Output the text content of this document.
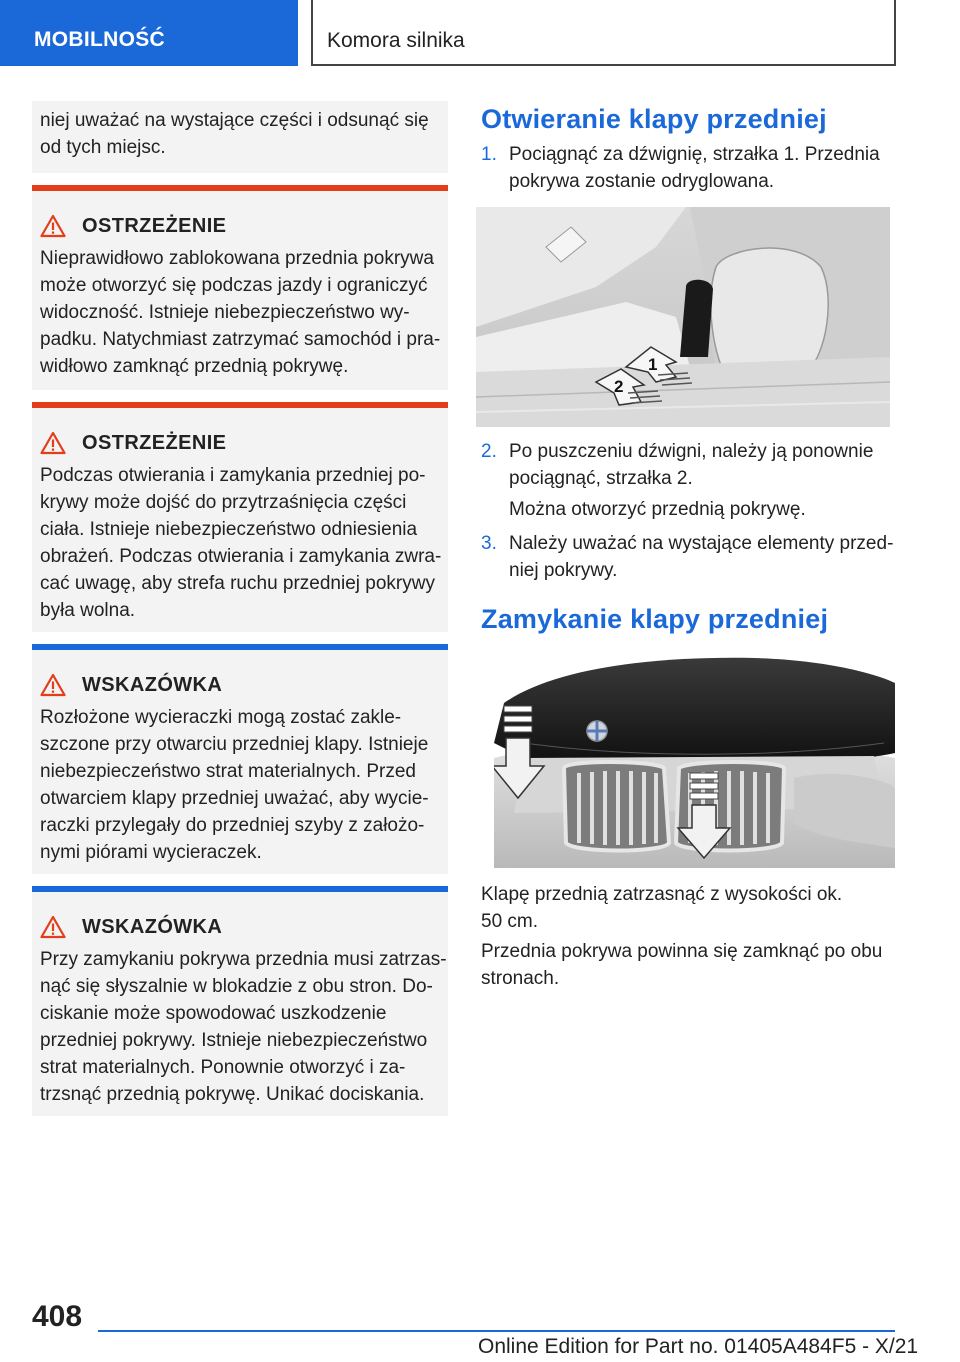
MOBILNOŚĆ	Komora silnika

niej uważać na wystające części i odsunąć się

od tych miejsc.

OSTRZEŻENIE
Nieprawidłowo zablokowana przednia pokrywa
może otworzyć się podczas jazdy i ograniczyć
widoczność. Istnieje niebezpieczeństwo wy-
padku. Natychmiast zatrzymać samochód i pra-
widłowo zamknąć przednią pokrywę.
OSTRZEŻENIE
Podczas otwierania i zamykania przedniej po-
krywy może dojść do przytrzaśnięcia części
ciała. Istnieje niebezpieczeństwo odniesienia
obrażeń. Podczas otwierania i zamykania zwra-
cać uwagę, aby strefa ruchu przedniej pokrywy
była wolna.
WSKAZÓWKA
Rozłożone wycieraczki mogą zostać zakle-
szczone przy otwarciu przedniej klapy. Istnieje
niebezpieczeństwo strat materialnych. Przed
otwarciem klapy przedniej uważać, aby wycie-
raczki przylegały do przedniej szyby z założo-
nymi piórami wycieraczek.
WSKAZÓWKA
Przy zamykaniu pokrywa przednia musi zatrzas-
nąć się słyszalnie w blokadzie z obu stron. Do-
ciskanie może spowodować uszkodzenie
przedniej pokrywy. Istnieje niebezpieczeństwo
strat materialnych. Ponownie otworzyć i za-
trzsnąć przednią pokrywę. Unikać dociskania.
Otwieranie klapy przedniej
1. Pociągnąć za dźwignię, strzałka 1. Przednia
pokrywa zostanie odryglowana.
1
2
2. Po puszczeniu dźwigni, należy ją ponownie
pociągnąć, strzałka 2.
Można otworzyć przednią pokrywę.
3. Należy uważać na wystające elementy przed-
niej pokrywy.
Zamykanie klapy przedniej
Klapę przednią zatrzasnąć z wysokości ok.
50 cm.
Przednia pokrywa powinna się zamknąć po obu
stronach.
408
Online Edition for Part no. 01405A484F5 - X/21
